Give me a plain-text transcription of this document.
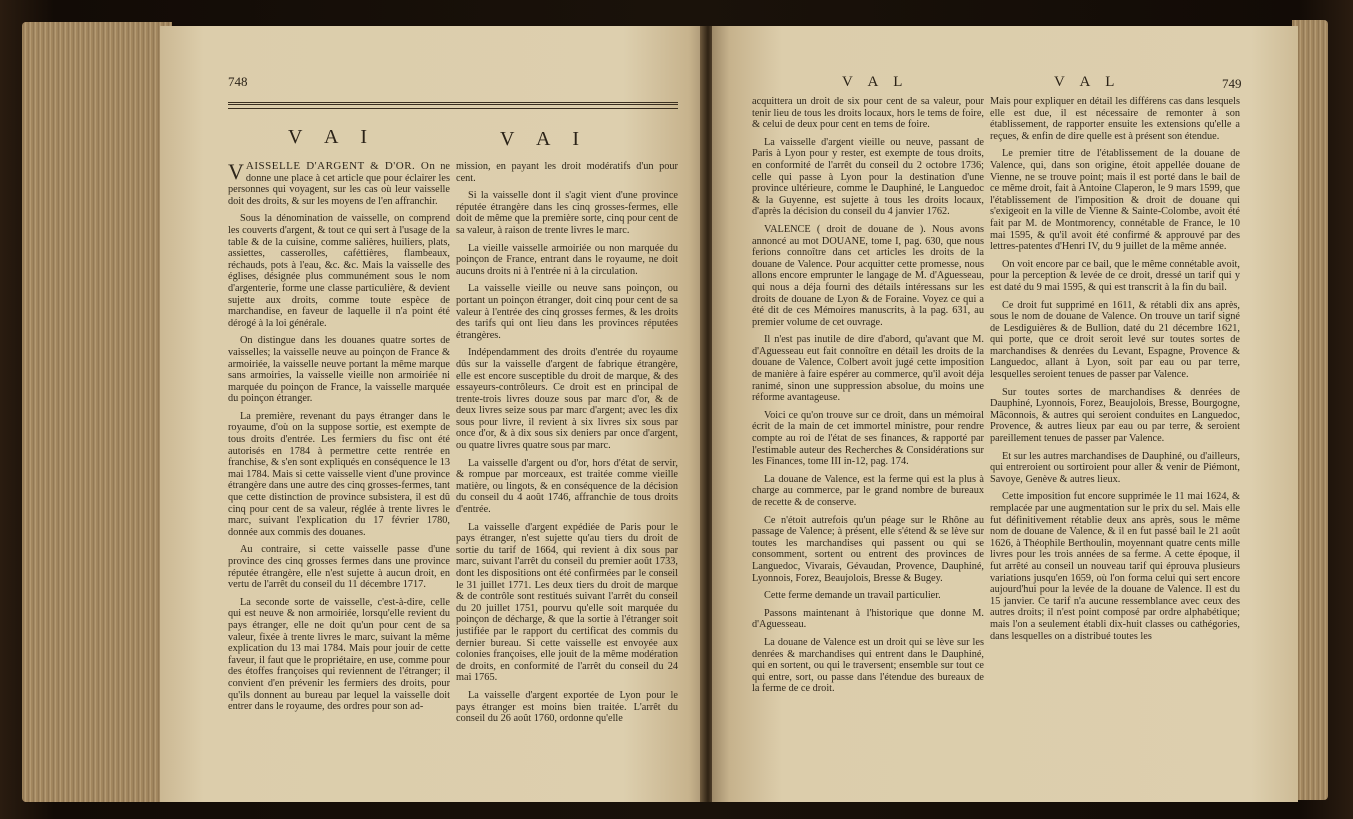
748
V A I	V A I

VAISSELLE D'ARGENT & D'OR. On ne donne une place à cet article que pour éclairer les personnes qui voyagent, sur les cas où leur vaisselle doit des droits, & sur les moyens de l'en affranchir.

Sous la dénomination de vaisselle, on comprend les couverts d'argent, & tout ce qui sert à l'usage de la table & de la cuisine, comme salières, huiliers, plats, assiettes, casserolles, caféttières, flambeaux, réchauds, pots à l'eau, &c. &c. Mais la vaisselle des églises, désignée plus communément sous le nom d'argenterie, forme une classe particulière, & devient sujette aux droits, comme toute espèce de marchandise, en faveur de laquelle il n'a point été dérogé à la loi générale.

On distingue dans les douanes quatre sortes de vaisselles; la vaisselle neuve au poinçon de France & armoiriée, la vaisselle neuve portant la même marque sans armoiries, la vaisselle vieille non armoiriée ni marquée du poinçon de France, la vaisselle marquée du poinçon étranger.

La première, revenant du pays étranger dans le royaume, d'où on la suppose sortie, est exempte de tous droits d'entrée. Les fermiers du fisc ont été autorisés en 1784 à permettre cette rentrée en franchise, & s'en sont expliqués en conséquence le 13 mai 1784. Mais si cette vaisselle vient d'une province étrangère dans une autre des cinq grosses-fermes, tant que cette distinction de province subsistera, il est dû cinq pour cent de sa valeur, réglée à trente livres le marc, suivant l'explication du 17 février 1780, donnée aux commis des douanes.

Au contraire, si cette vaisselle passe d'une province des cinq grosses fermes dans une province réputée étrangère, elle n'est sujette à aucun droit, en vertu de l'arrêt du conseil du 11 décembre 1717.

La seconde sorte de vaisselle, c'est-à-dire, celle qui est neuve & non armoiriée, lorsqu'elle revient du pays étranger, elle ne doit qu'un pour cent de sa valeur, fixée à trente livres le marc, suivant la même explication du 13 mai 1784. Mais pour jouir de cette faveur, il faut que le propriétaire, en use, comme pour des étoffes françoises qui reviennent de l'étranger; il convient d'en prévenir les fermiers des droits, pour qu'ils donnent au bureau par lequel la vaisselle doit entrer dans le royaume, des ordres pour son ad-

mission, en payant les droit modératifs d'un pour cent.

Si la vaisselle dont il s'agit vient d'une province réputée étrangère dans les cinq grosses-fermes, elle doit de même que la première sorte, cinq pour cent de sa valeur, à raison de trente livres le marc.

La vieille vaisselle armoiriée ou non marquée du poinçon de France, entrant dans le royaume, ne doit aucuns droits ni à l'entrée ni à la circulation.

La vaisselle vieille ou neuve sans poinçon, ou portant un poinçon étranger, doit cinq pour cent de sa valeur à l'entrée des cinq grosses fermes, & les droits des tarifs qui ont lieu dans les provinces réputées étrangères.

Indépendamment des droits d'entrée du royaume dûs sur la vaisselle d'argent de fabrique étrangère, elle est encore susceptible du droit de marque, & des essayeurs-contrôleurs. Ce droit est en principal de trente-trois livres douze sous par marc d'or, & de deux livres seize sous par marc d'argent; avec les dix sous pour livre, il revient à six livres six sous par once d'or, & à dix sous six deniers par once d'argent, ou quatre livres quatre sous par marc.

La vaisselle d'argent ou d'or, hors d'état de servir, & rompue par morceaux, est traitée comme vieille matière, ou lingots, & en conséquence de la décision du conseil du 4 août 1746, affranchie de tous droits d'entrée.

La vaisselle d'argent expédiée de Paris pour le pays étranger, n'est sujette qu'au tiers du droit de sortie du tarif de 1664, qui revient à dix sous par marc, suivant l'arrêt du conseil du premier août 1733, dont les dispositions ont été confirmées par le conseil le 31 juillet 1771. Les deux tiers du droit de marque & de contrôle sont restitués suivant l'arrêt du conseil du 20 juillet 1751, pourvu qu'elle soit marquée du poinçon de décharge, & que la sortie à l'étranger soit justifiée par le rapport du certificat des commis du dernier bureau. Si cette vaisselle est envoyée aux colonies françoises, elle jouit de la même modération de droits, en conformité de l'arrêt du conseil du 24 mai 1765.

La vaisselle d'argent exportée de Lyon pour le pays étranger est moins bien traitée. L'arrêt du conseil du 26 août 1760, ordonne qu'elle

V A L	V A L	749

acquittera un droit de six pour cent de sa valeur, pour tenir lieu de tous les droits locaux, hors le tems de foire, & celui de deux pour cent en tems de foire.

La vaisselle d'argent vieille ou neuve, passant de Paris à Lyon pour y rester, est exempte de tous droits, en conformité de l'arrêt du conseil du 2 octobre 1736; celle qui passe à Lyon pour la destination d'une province ultérieure, comme le Dauphiné, le Languedoc & la Guyenne, est sujette à tous les droits locaux, d'après la décision du conseil du 4 janvier 1762.

VALENCE ( droit de douane de ). Nous avons annoncé au mot DOUANE, tome I, pag. 630, que nous ferions connoître dans cet articles les droits de la douane de Valence. Pour acquitter cette promesse, nous allons encore emprunter le langage de M. d'Aguesseau, qui nous a déja fourni des détails intéressans sur les droits de douane de Lyon & de Foraine. Voyez ce qui a été dit de ces Mémoires manuscrits, à la pag. 631, au premier volume de cet ouvrage.

Il n'est pas inutile de dire d'abord, qu'avant que M. d'Aguesseau eut fait connoître en détail les droits de la douane de Valence, Colbert avoit jugé cette imposition de manière à faire espérer au commerce, qu'il avoit déja ranimé, sinon une suppression absolue, du moins une réforme avantageuse.

Voici ce qu'on trouve sur ce droit, dans un mémoiral écrit de la main de cet immortel ministre, pour rendre compte au roi de l'état de ses finances, & rapporté par l'estimable auteur des Recherches & Considérations sur les Finances, tome III in-12, pag. 174.

La douane de Valence, est la ferme qui est la plus à charge au commerce, par le grand nombre de bureaux de recette & de conserve.

Ce n'étoit autrefois qu'un péage sur le Rhône au passage de Valence; à présent, elle s'étend & se lève sur toutes les marchandises qui passent ou qui se consomment, sortent ou entrent des provinces de Languedoc, Vivarais, Gévaudan, Provence, Dauphiné, Lyonnois, Forez, Beaujolois, Bresse & Bugey.

Cette ferme demande un travail particulier.

Passons maintenant à l'historique que donne M. d'Aguesseau.

La douane de Valence est un droit qui se lève sur les denrées & marchandises qui entrent dans le Dauphiné, qui en sortent, ou qui le traversent; ensemble sur tout ce qui entre, sort, ou passe dans l'étendue des bureaux de la ferme de ce droit.

Mais pour expliquer en détail les différens cas dans lesquels elle est due, il est nécessaire de remonter à son établissement, de rapporter ensuite les extensions qu'elle a reçues, & enfin de dire quelle est à présent son étendue.

Le premier titre de l'établissement de la douane de Valence, qui, dans son origine, étoit appellée douane de Vienne, ne se trouve point; mais il est porté dans le bail de ce même droit, fait à Antoine Claperon, le 9 mars 1599, que l'établissement de l'imposition & droit de douane qui s'exigeoit en la ville de Vienne & Sainte-Colombe, avoit été fait par M. de Montmorency, connétable de France, le 10 mai 1595, & qu'il avoit été confirmé & approuvé par des lettres-patentes d'Henri IV, du 9 juillet de la même année.

On voit encore par ce bail, que le même connétable avoit, pour la perception & levée de ce droit, dressé un tarif qui y est daté du 9 mai 1595, & qui est transcrit à la fin du bail.

Ce droit fut supprimé en 1611, & rétabli dix ans après, sous le nom de douane de Valence. On trouve un tarif signé de Lesdiguières & de Bullion, daté du 21 décembre 1621, qui porte, que ce droit seroit levé sur toutes sortes de marchandises & denrées du Levant, Espagne, Provence & Languedoc, allant à Lyon, soit par eau ou par terre, lesquelles seroient tenues de passer par Valence.

Sur toutes sortes de marchandises & denrées de Dauphiné, Lyonnois, Forez, Beaujolois, Bresse, Bourgogne, Mâconnois, & autres qui seroient conduites en Languedoc, Provence, & autres lieux par eau ou par terre, & seroient pareillement tenues de passer par Valence.

Et sur les autres marchandises de Dauphiné, ou d'ailleurs, qui entreroient ou sortiroient pour aller & venir de Piémont, Savoye, Genève & autres lieux.

Cette imposition fut encore supprimée le 11 mai 1624, & remplacée par une augmentation sur le prix du sel. Mais elle fut définitivement rétablie deux ans après, sous le même nom de douane de Valence, & il en fut passé bail le 21 août 1626, à Théophile Berthoulin, moyennant quatre cents mille livres pour les trois années de sa ferme. A cette époque, il fut arrêté au conseil un nouveau tarif qui éprouva plusieurs variations jusqu'en 1659, où l'on forma celui qui sert encore aujourd'hui pour la levée de la douane de Valence. Il est du 15 janvier. Ce tarif n'a aucune ressemblance avec ceux des autres droits; il n'est point composé par ordre alphabétique; mais l'on a seulement établi dix-huit classes ou cathégories, dans lesquelles on a distribué toutes les
